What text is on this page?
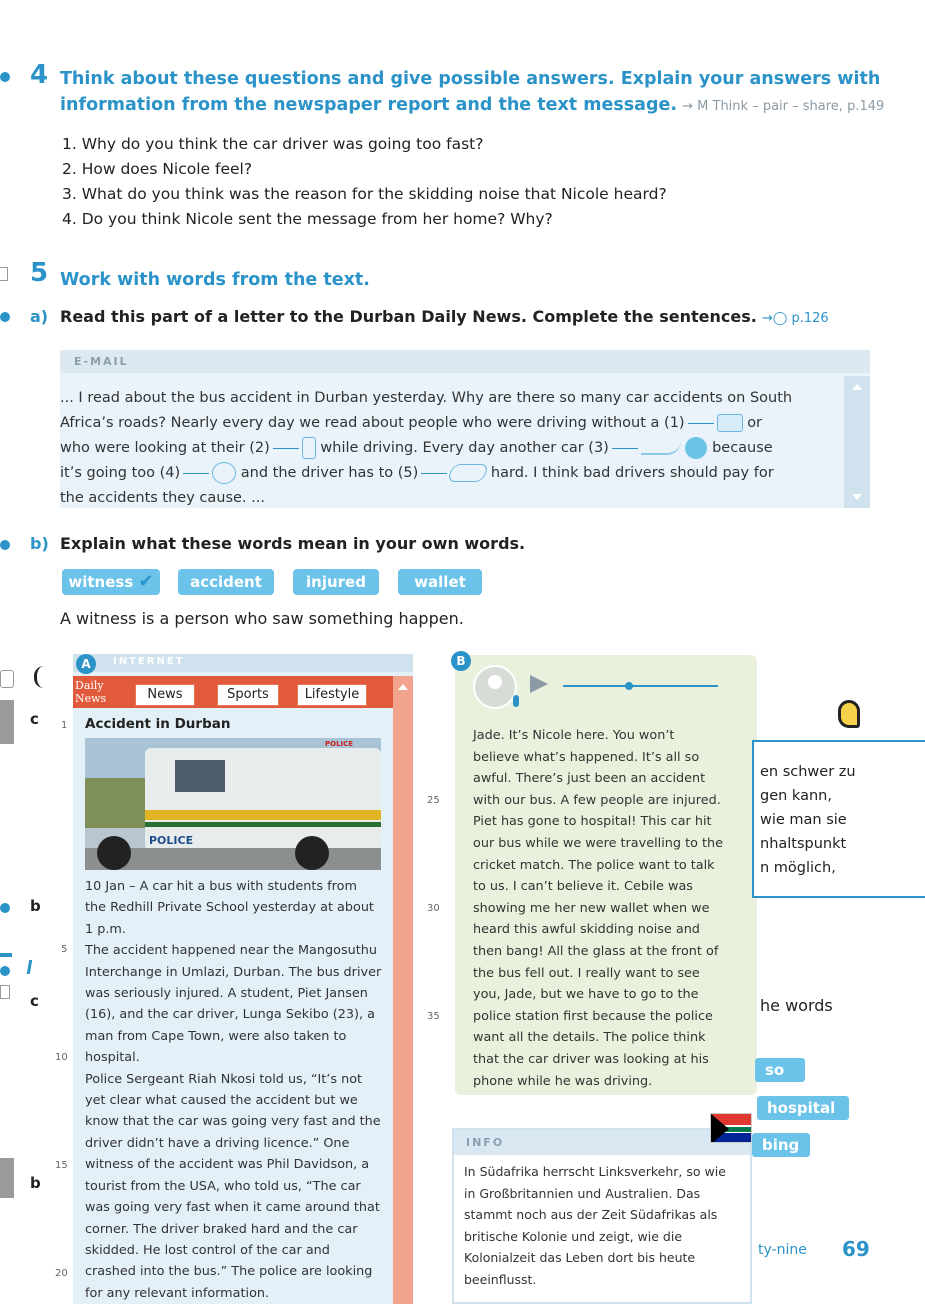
4 Think about these questions and give possible answers. Explain your answers with
information from the newspaper report and the text message. → M Think – pair – share, p.149
1. Why do you think the car driver was going too fast?
2. How does Nicole feel?
3. What do you think was the reason for the skidding noise that Nicole heard?
4. Do you think Nicole sent the message from her home? Why?
5 Work with words from the text.
a) Read this part of a letter to the Durban Daily News. Complete the sentences. →◯ p.126
E-MAIL
... I read about the bus accident in Durban yesterday. Why are there so many car accidents on South
Africa’s roads? Nearly every day we read about people who were driving without a (1)	or
who were looking at their (2)	while driving. Every day another car (3)	because
it’s going too (4)	and the driver has to (5)	hard. I think bad drivers should pay for
the accidents they cause. ...
b) Explain what these words mean in your own words.
witness ✔	accident	injured	wallet
A witness is a person who saw something happen.
c
b
c
b
INTERNET
A
Daily
News	News	Sports	Lifestyle
1 Accident in Durban
POLICE
POLICE
10 Jan – A car hit a bus with students from
the Redhill Private School yesterday at about
1 p.m.
The accident happened near the Mangosuthu
Interchange in Umlazi, Durban. The bus driver
was seriously injured. A student, Piet Jansen
(16), and the car driver, Lunga Sekibo (23), a
man from Cape Town, were also taken to
hospital.
Police Sergeant Riah Nkosi told us, “It’s not
yet clear what caused the accident but we
know that the car was going very fast and the
driver didn’t have a driving licence.” One
witness of the accident was Phil Davidson, a
tourist from the USA, who told us, “The car
was going very fast when it came around that
corner. The driver braked hard and the car
skidded. He lost control of the car and
crashed into the bus.” The police are looking
for any relevant information.
5
10
15
20
B
Jade. It’s Nicole here. You won’t
believe what’s happened. It’s all so
awful. There’s just been an accident
with our bus. A few people are injured.
Piet has gone to hospital! This car hit
our bus while we were travelling to the
cricket match. The police want to talk
to us. I can’t believe it. Cebile was
showing me her new wallet when we
heard this awful skidding noise and
then bang! All the glass at the front of
the bus fell out. I really want to see
you, Jade, but we have to go to the
police station first because the police
want all the details. The police think
that the car driver was looking at his
phone while he was driving.
25
30
35
INFO
In Südafrika herrscht Linksverkehr, so wie
in Großbritannien und Australien. Das
stammt noch aus der Zeit Südafrikas als
britische Kolonie und zeigt, wie die
Kolonialzeit das Leben dort bis heute
beeinflusst.
en schwer zu
gen kann,
wie man sie
nhaltspunkt
n möglich,
he words
so
hospital
bing
ty-nine 69
